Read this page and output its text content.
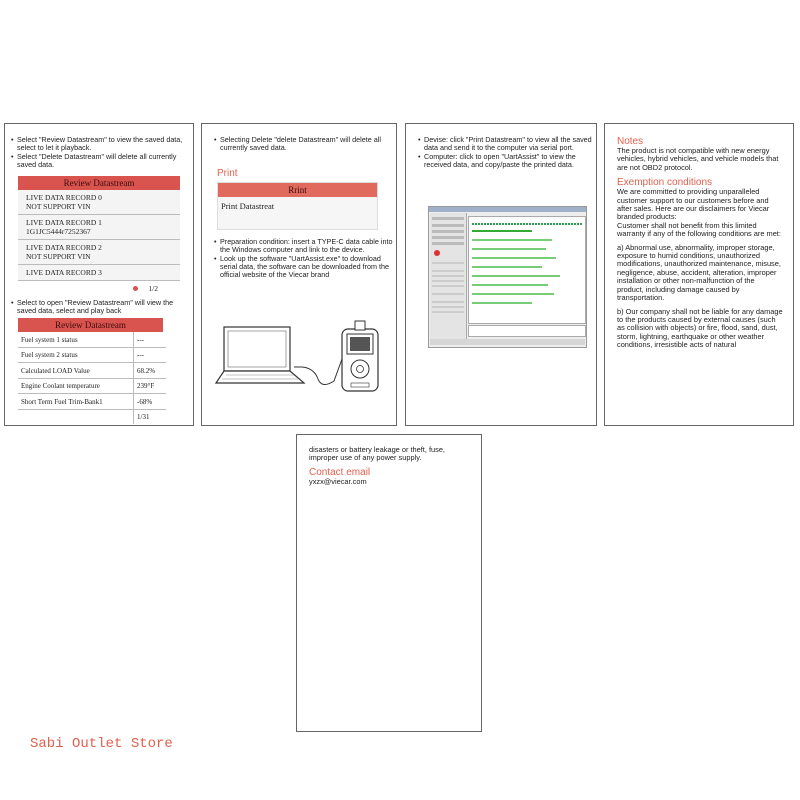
• Select "Review Datastream" to view the saved data, select to let it playback.
• Select "Delete Datastream" will delete all currently saved data.
Review Datastream
LIVE DATA RECORD 0
NOT SUPPORT VIN
LIVE DATA RECORD 1
1G1JC5444r7252367
LIVE DATA RECORD 2
NOT SUPPORT VIN
LIVE DATA RECORD 3
1/2
• Select to open "Review Datastream" will view the saved data, select and play back
Review Datastream
Fuel system 1 status	---
Fuel system 2 status	---
Calculated LOAD Value	68.2%
Engine Coolant temperature	239°F
Short Term Fuel Trim-Bank1	-68%
	1/31
• Selecting Delete "delete Datastream" will delete all currently saved data.

Print

Rrint
Print Datastreat
• Preparation condition: insert a TYPE-C data cable into the Windows computer and link to the device.
• Look up the software "UartAssist.exe" to download serial data, the software can be downloaded from the official website of the Viecar brand
• Devise: click "Print Datastream" to view all the saved data and send it to the computer via serial port.
• Computer: click to open "UartAssist" to view the received data, and copy/paste the printed data.

Notes

The product is not compatible with new energy vehicles, hybrid vehicles, and vehicle models that are not OBD2 protocol.

Exemption conditions

We are committed to providing unparalleled customer support to our customers before and after sales. Here are our disclaimers for Viecar branded products:
Customer shall not benefit from this limited warranty if any of the following conditions are met:

a) Abnormal use, abnormality, improper storage, exposure to humid conditions, unauthorized modifications, unauthorized maintenance, misuse, negligence, abuse, accident, alteration, improper installation or other non-malfunction of the product, including damage caused by transportation.

b) Our company shall not be liable for any damage to the products caused by external causes (such as collision with objects) or fire, flood, sand, dust, storm, lightning, earthquake or other weather conditions, irresistible acts of natural

disasters or battery leakage or theft, fuse, improper use of any power supply.

Contact email

yxzx@viecar.com

Sabi Outlet Store
